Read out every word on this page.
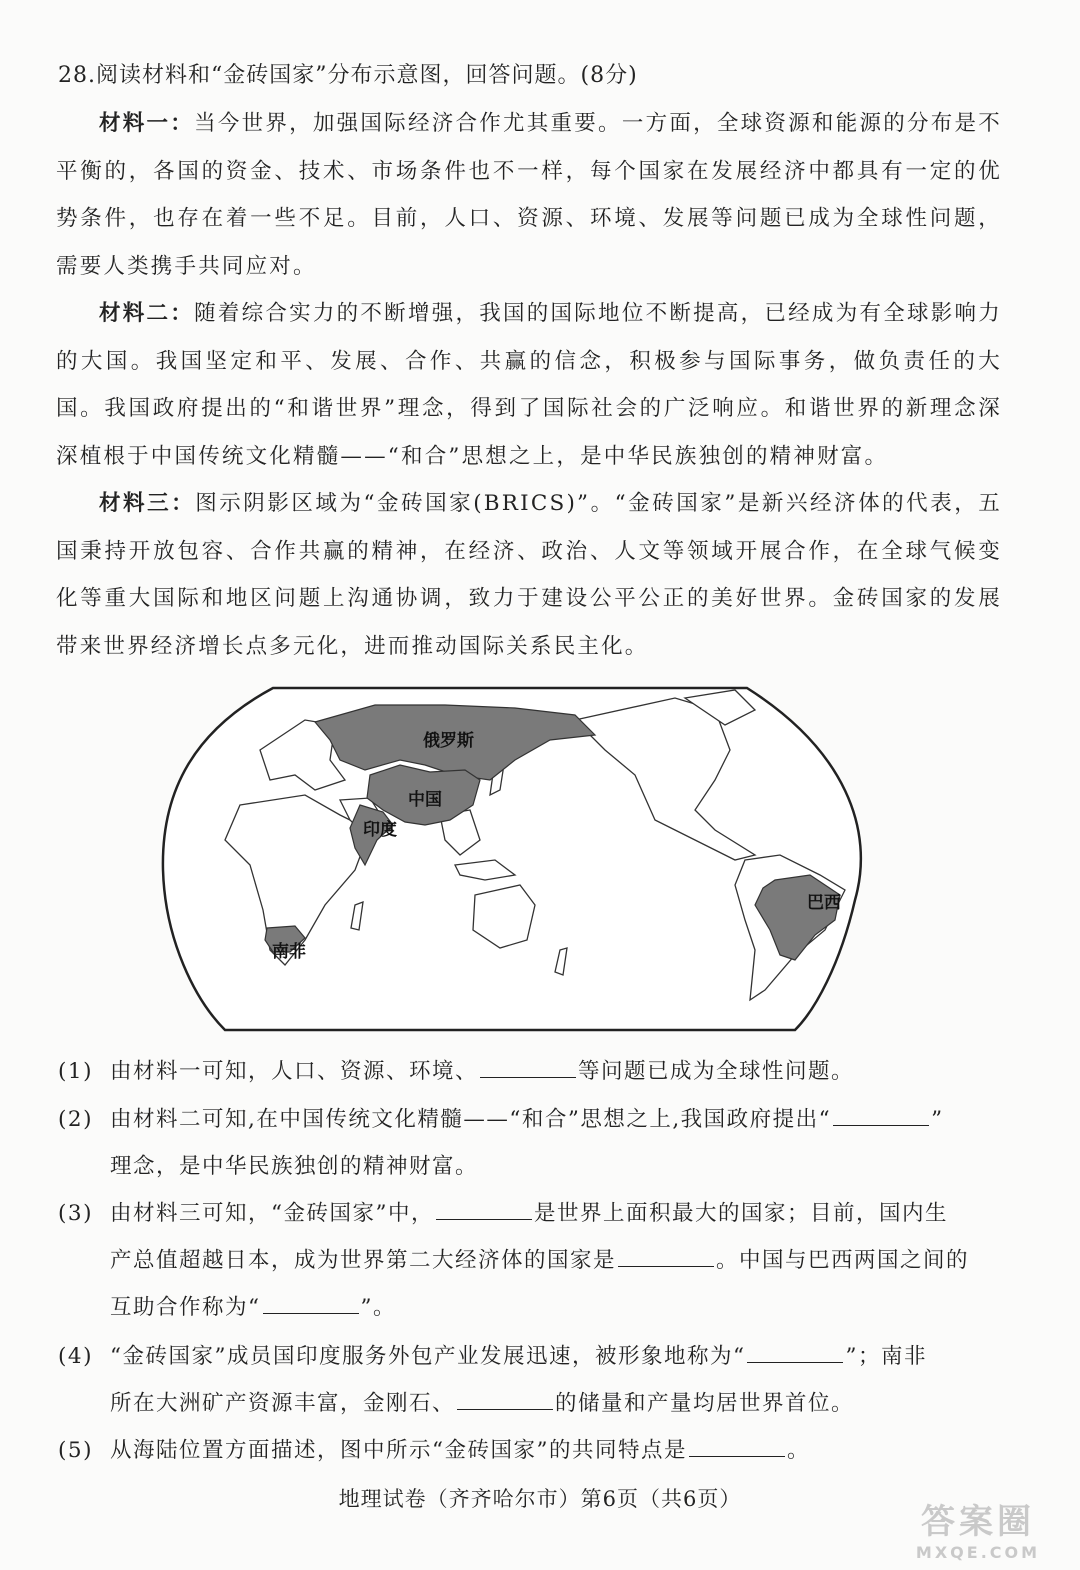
28.阅读材料和“金砖国家”分布示意图，回答问题。(8分)
材料一：当今世界，加强国际经济合作尤其重要。一方面，全球资源和能源的分布是不平衡的，各国的资金、技术、市场条件也不一样，每个国家在发展经济中都具有一定的优势条件，也存在着一些不足。目前，人口、资源、环境、发展等问题已成为全球性问题，需要人类携手共同应对。
材料二：随着综合实力的不断增强，我国的国际地位不断提高，已经成为有全球影响力的大国。我国坚定和平、发展、合作、共赢的信念，积极参与国际事务，做负责任的大国。我国政府提出的“和谐世界”理念，得到了国际社会的广泛响应。和谐世界的新理念深深植根于中国传统文化精髓——“和合”思想之上，是中华民族独创的精神财富。
材料三：图示阴影区域为“金砖国家(BRICS)”。“金砖国家”是新兴经济体的代表，五国秉持开放包容、合作共赢的精神，在经济、政治、人文等领域开展合作，在全球气候变化等重大国际和地区问题上沟通协调，致力于建设公平公正的美好世界。金砖国家的发展带来世界经济增长点多元化，进而推动国际关系民主化。
俄罗斯
中国
印度
巴西
南非
(1) 由材料一可知，人口、资源、环境、	等问题已成为全球性问题。
(2) 由材料二可知,在中国传统文化精髓——“和合”思想之上,我国政府提出“	”
理念，是中华民族独创的精神财富。
(3) 由材料三可知，“金砖国家”中，	是世界上面积最大的国家；目前，国内生
产总值超越日本，成为世界第二大经济体的国家是	。中国与巴西两国之间的
互助合作称为“	”。
(4) “金砖国家”成员国印度服务外包产业发展迅速，被形象地称为“	”；南非
所在大洲矿产资源丰富，金刚石、	的储量和产量均居世界首位。
(5) 从海陆位置方面描述，图中所示“金砖国家”的共同特点是	。
地理试卷（齐齐哈尔市）第6页（共6页）
答案圈
MXQE.COM
